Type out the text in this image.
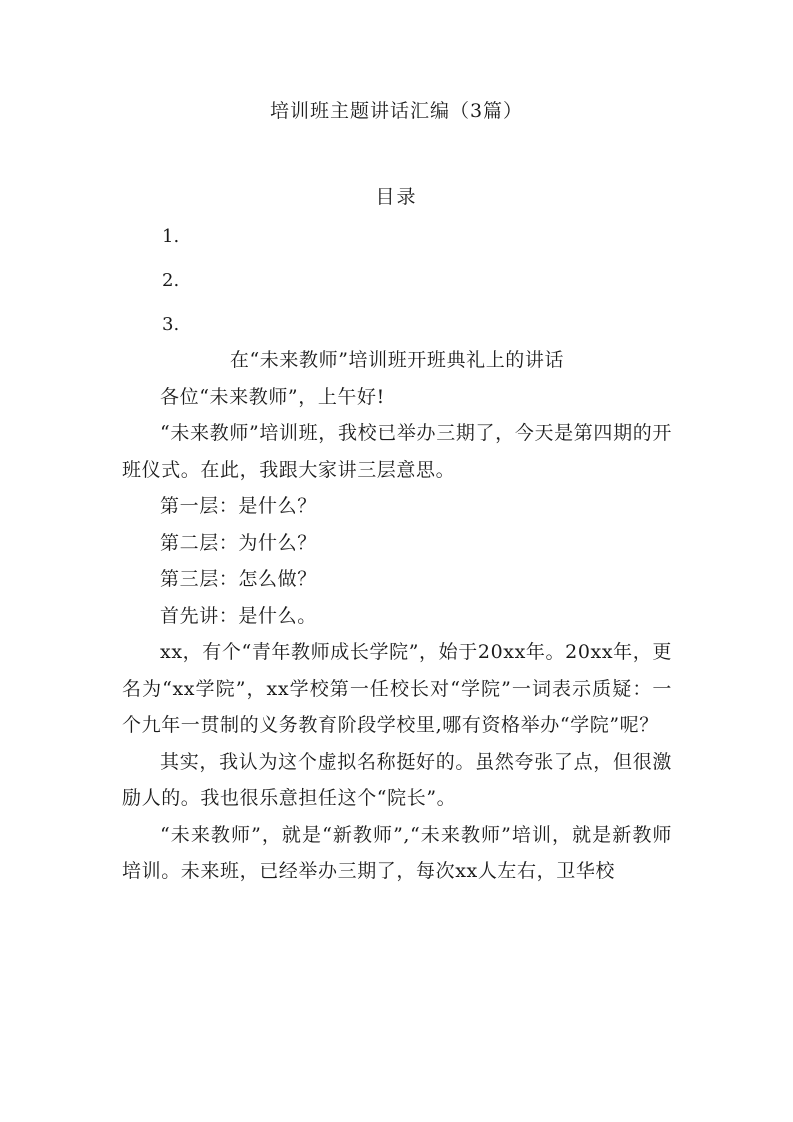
培训班主题讲话汇编（3篇）
目录
1.
2.
3.

在“未来教师”培训班开班典礼上的讲话

各位“未来教师”，上午好!

“未来教师”培训班，我校已举办三期了，今天是第四期的开班仪式。在此，我跟大家讲三层意思。

第一层：是什么？

第二层：为什么？

第三层：怎么做？

首先讲：是什么。

xx，有个“青年教师成长学院”，始于20xx年。20xx年，更名为“xx学院”，xx学校第一任校长对“学院”一词表示质疑：一个九年一贯制的义务教育阶段学校里,哪有资格举办“学院”呢？

其实，我认为这个虚拟名称挺好的。虽然夸张了点，但很激励人的。我也很乐意担任这个“院长”。

“未来教师”，就是“新教师”,“未来教师”培训，就是新教师培训。未来班，已经举办三期了，每次xx人左右，卫华校
